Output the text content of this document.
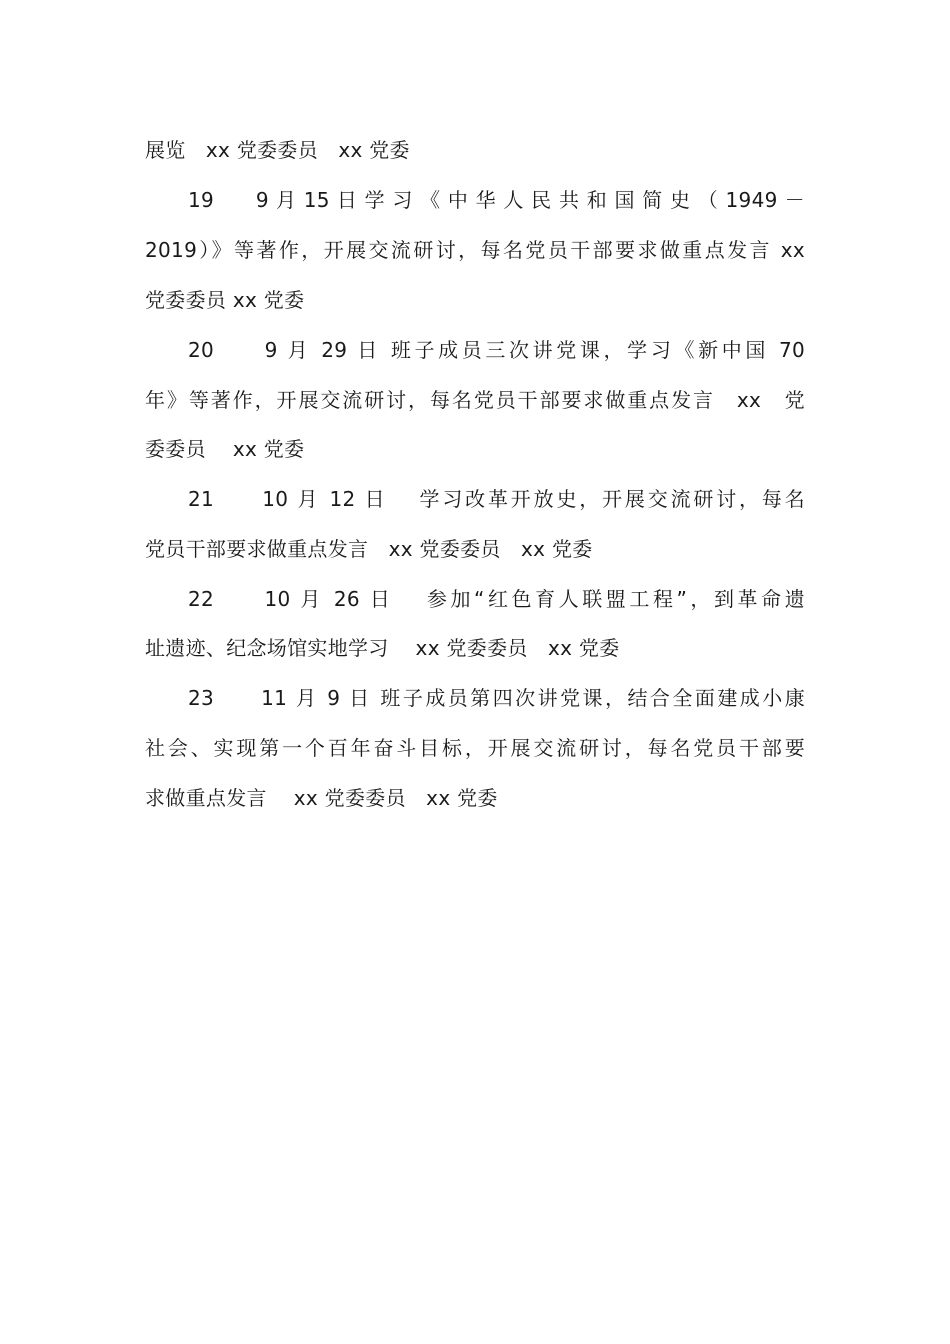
展览　xx 党委委员　xx 党委
19　　9 月 15 日 学 习 《 中 华 人 民 共 和 国 简 史 （ 1949 －
2019）》等著作，开展交流研讨，每名党员干部要求做重点发言 xx
党委委员 xx 党委
20　　9 月 29 日 班子成员三次讲党课，学习《新中国 70
年》等著作，开展交流研讨，每名党员干部要求做重点发言　xx　党
委委员　 xx 党委
21　　10 月 12 日　 学习改革开放史，开展交流研讨，每名
党员干部要求做重点发言　xx 党委委员　xx 党委
22　　10 月 26 日　 参加“红色育人联盟工程”，到革命遗
址遗迹、纪念场馆实地学习　 xx 党委委员　xx 党委
23　　11 月 9 日 班子成员第四次讲党课，结合全面建成小康
社会、实现第一个百年奋斗目标，开展交流研讨，每名党员干部要
求做重点发言　 xx 党委委员　xx 党委
